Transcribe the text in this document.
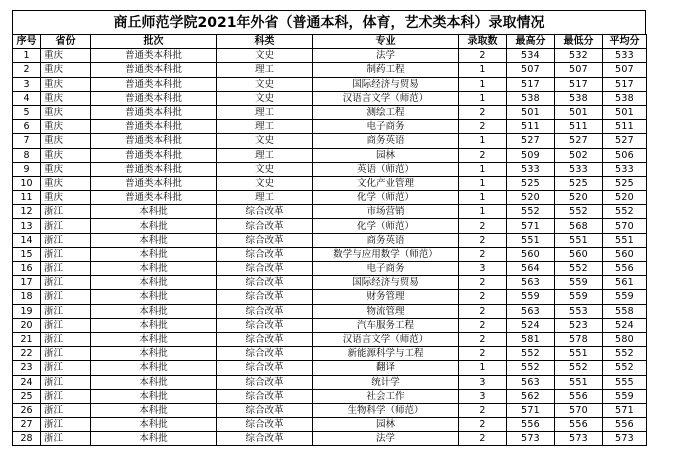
商丘师范学院2021年外省（普通本科，体育，艺术类本科）录取情况
序号	省份	批次	科类	专业	录取数	最高分	最低分	平均分
1	重庆	普通类本科批	文史	法学	2	534	532	533
2	重庆	普通类本科批	理工	制药工程	1	507	507	507
3	重庆	普通类本科批	文史	国际经济与贸易	1	517	517	517
4	重庆	普通类本科批	文史	汉语言文学（师范）	1	538	538	538
5	重庆	普通类本科批	理工	测绘工程	2	501	501	501
6	重庆	普通类本科批	理工	电子商务	2	511	511	511
7	重庆	普通类本科批	文史	商务英语	1	527	527	527
8	重庆	普通类本科批	理工	园林	2	509	502	506
9	重庆	普通类本科批	文史	英语（师范）	1	533	533	533
10	重庆	普通类本科批	文史	文化产业管理	1	525	525	525
11	重庆	普通类本科批	理工	化学（师范）	1	520	520	520
12	浙江	本科批	综合改革	市场营销	1	552	552	552
13	浙江	本科批	综合改革	化学（师范）	2	571	568	570
14	浙江	本科批	综合改革	商务英语	2	551	551	551
15	浙江	本科批	综合改革	数学与应用数学（师范）	2	560	560	560
16	浙江	本科批	综合改革	电子商务	3	564	552	556
17	浙江	本科批	综合改革	国际经济与贸易	2	563	559	561
18	浙江	本科批	综合改革	财务管理	2	559	559	559
19	浙江	本科批	综合改革	物流管理	2	563	553	558
20	浙江	本科批	综合改革	汽车服务工程	2	524	523	524
21	浙江	本科批	综合改革	汉语言文学（师范）	2	581	578	580
22	浙江	本科批	综合改革	新能源科学与工程	2	552	551	552
23	浙江	本科批	综合改革	翻译	1	552	552	552
24	浙江	本科批	综合改革	统计学	3	563	551	555
25	浙江	本科批	综合改革	社会工作	3	562	556	559
26	浙江	本科批	综合改革	生物科学（师范）	2	571	570	571
27	浙江	本科批	综合改革	园林	2	556	556	556
28	浙江	本科批	综合改革	法学	2	573	573	573
